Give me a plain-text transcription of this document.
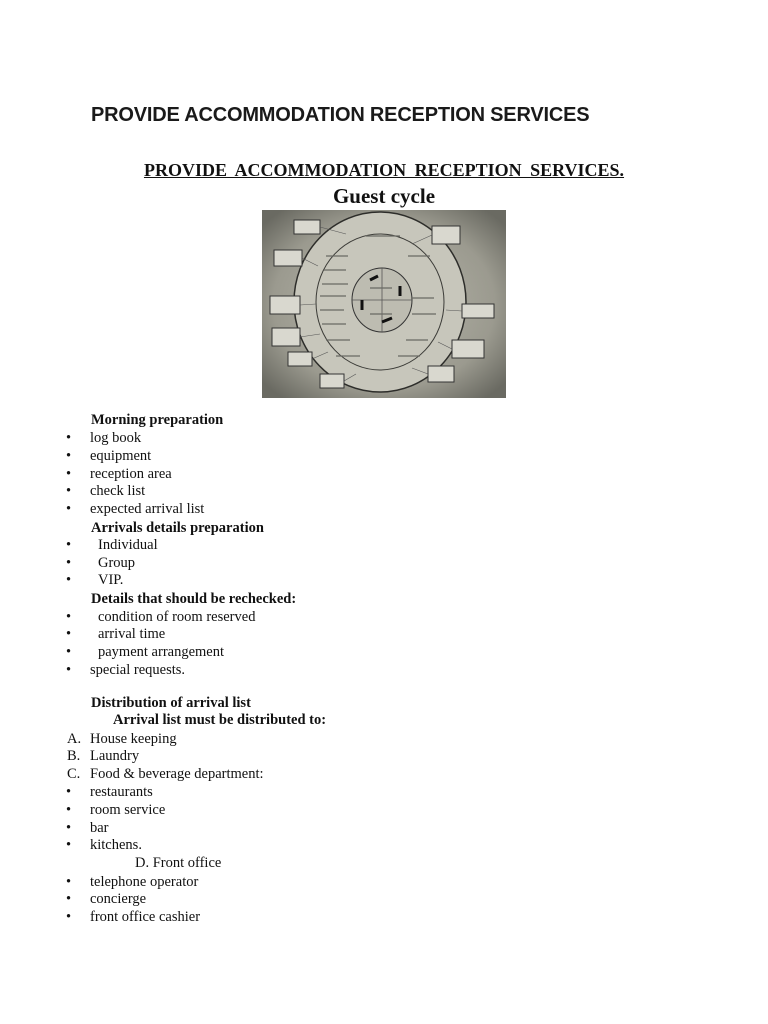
PROVIDE ACCOMMODATION RECEPTION SERVICES
PROVIDE ACCOMMODATION RECEPTION SERVICES.
Guest cycle
Morning preparation
•	log book
•	equipment
•	reception area
•	check list
•	expected arrival list
Arrivals details preparation
•	Individual
•	Group
•	VIP.
Details that should be rechecked:
•	condition of room reserved
•	arrival time
•	payment arrangement
•	special requests.
Distribution of arrival list
Arrival list must be distributed to:
A. House keeping
B. Laundry
C. Food & beverage department:
•	restaurants
•	room service
•	bar
•	kitchens.
D. Front office
•	telephone operator
•	concierge
•	front office cashier
